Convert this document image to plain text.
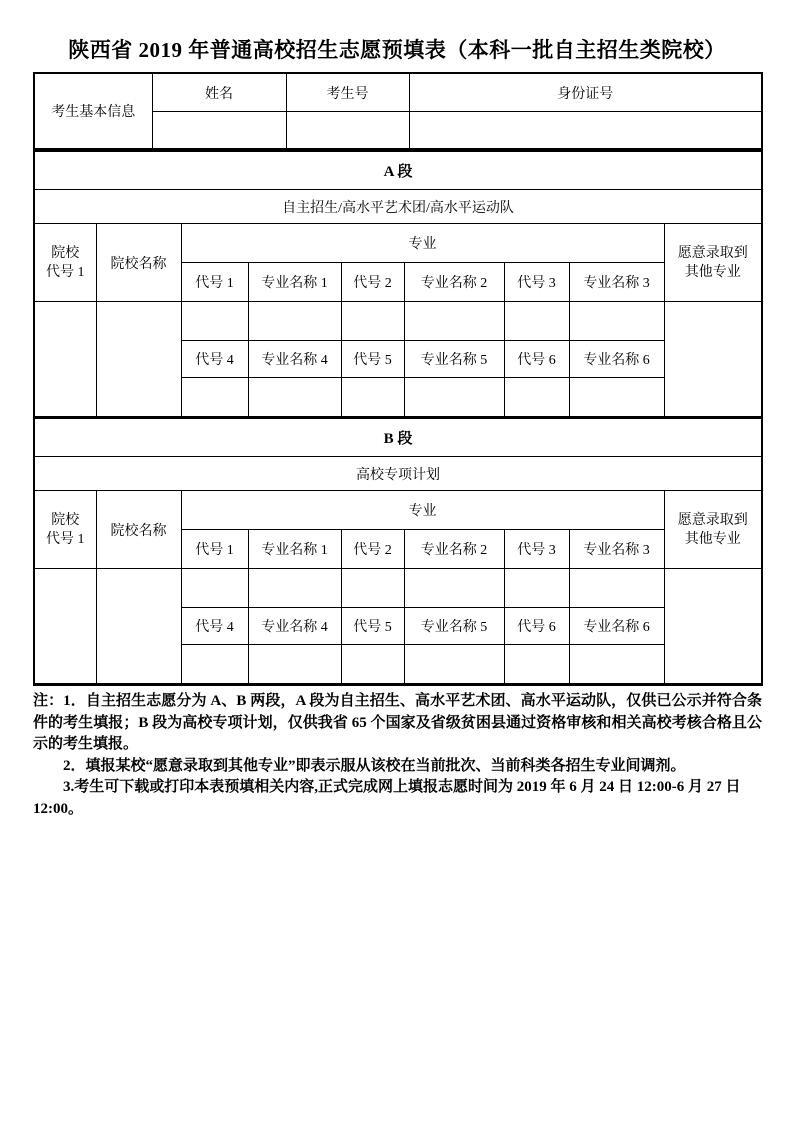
陕西省 2019 年普通高校招生志愿预填表（本科一批自主招生类院校）
考生基本信息	姓名	考生号	身份证号

A 段								
自主招生/高水平艺术团/高水平运动队								

院校
代号 1	院校名称	专业						愿意录取到
其他专业

		代号 1	专业名称 1	代号 2	专业名称 2	代号 3	专业名称 3	

		代号 4	专业名称 4	代号 5	专业名称 5	代号 6	专业名称 6	

B 段								
高校专项计划								

院校
代号 1	院校名称	专业						愿意录取到
其他专业

		代号 1	专业名称 1	代号 2	专业名称 2	代号 3	专业名称 3	

		代号 4	专业名称 4	代号 5	专业名称 5	代号 6	专业名称 6	

注：1．自主招生志愿分为 A、B 两段，A 段为自主招生、高水平艺术团、高水平运动队，仅供已公示并符合条件的考生填报；B 段为高校专项计划，仅供我省 65 个国家及省级贫困县通过资格审核和相关高校考核合格且公示的考生填报。

2．填报某校“愿意录取到其他专业”即表示服从该校在当前批次、当前科类各招生专业间调剂。

3.考生可下载或打印本表预填相关内容,正式完成网上填报志愿时间为 2019 年 6 月 24 日 12:00-6 月 27 日 12:00。
